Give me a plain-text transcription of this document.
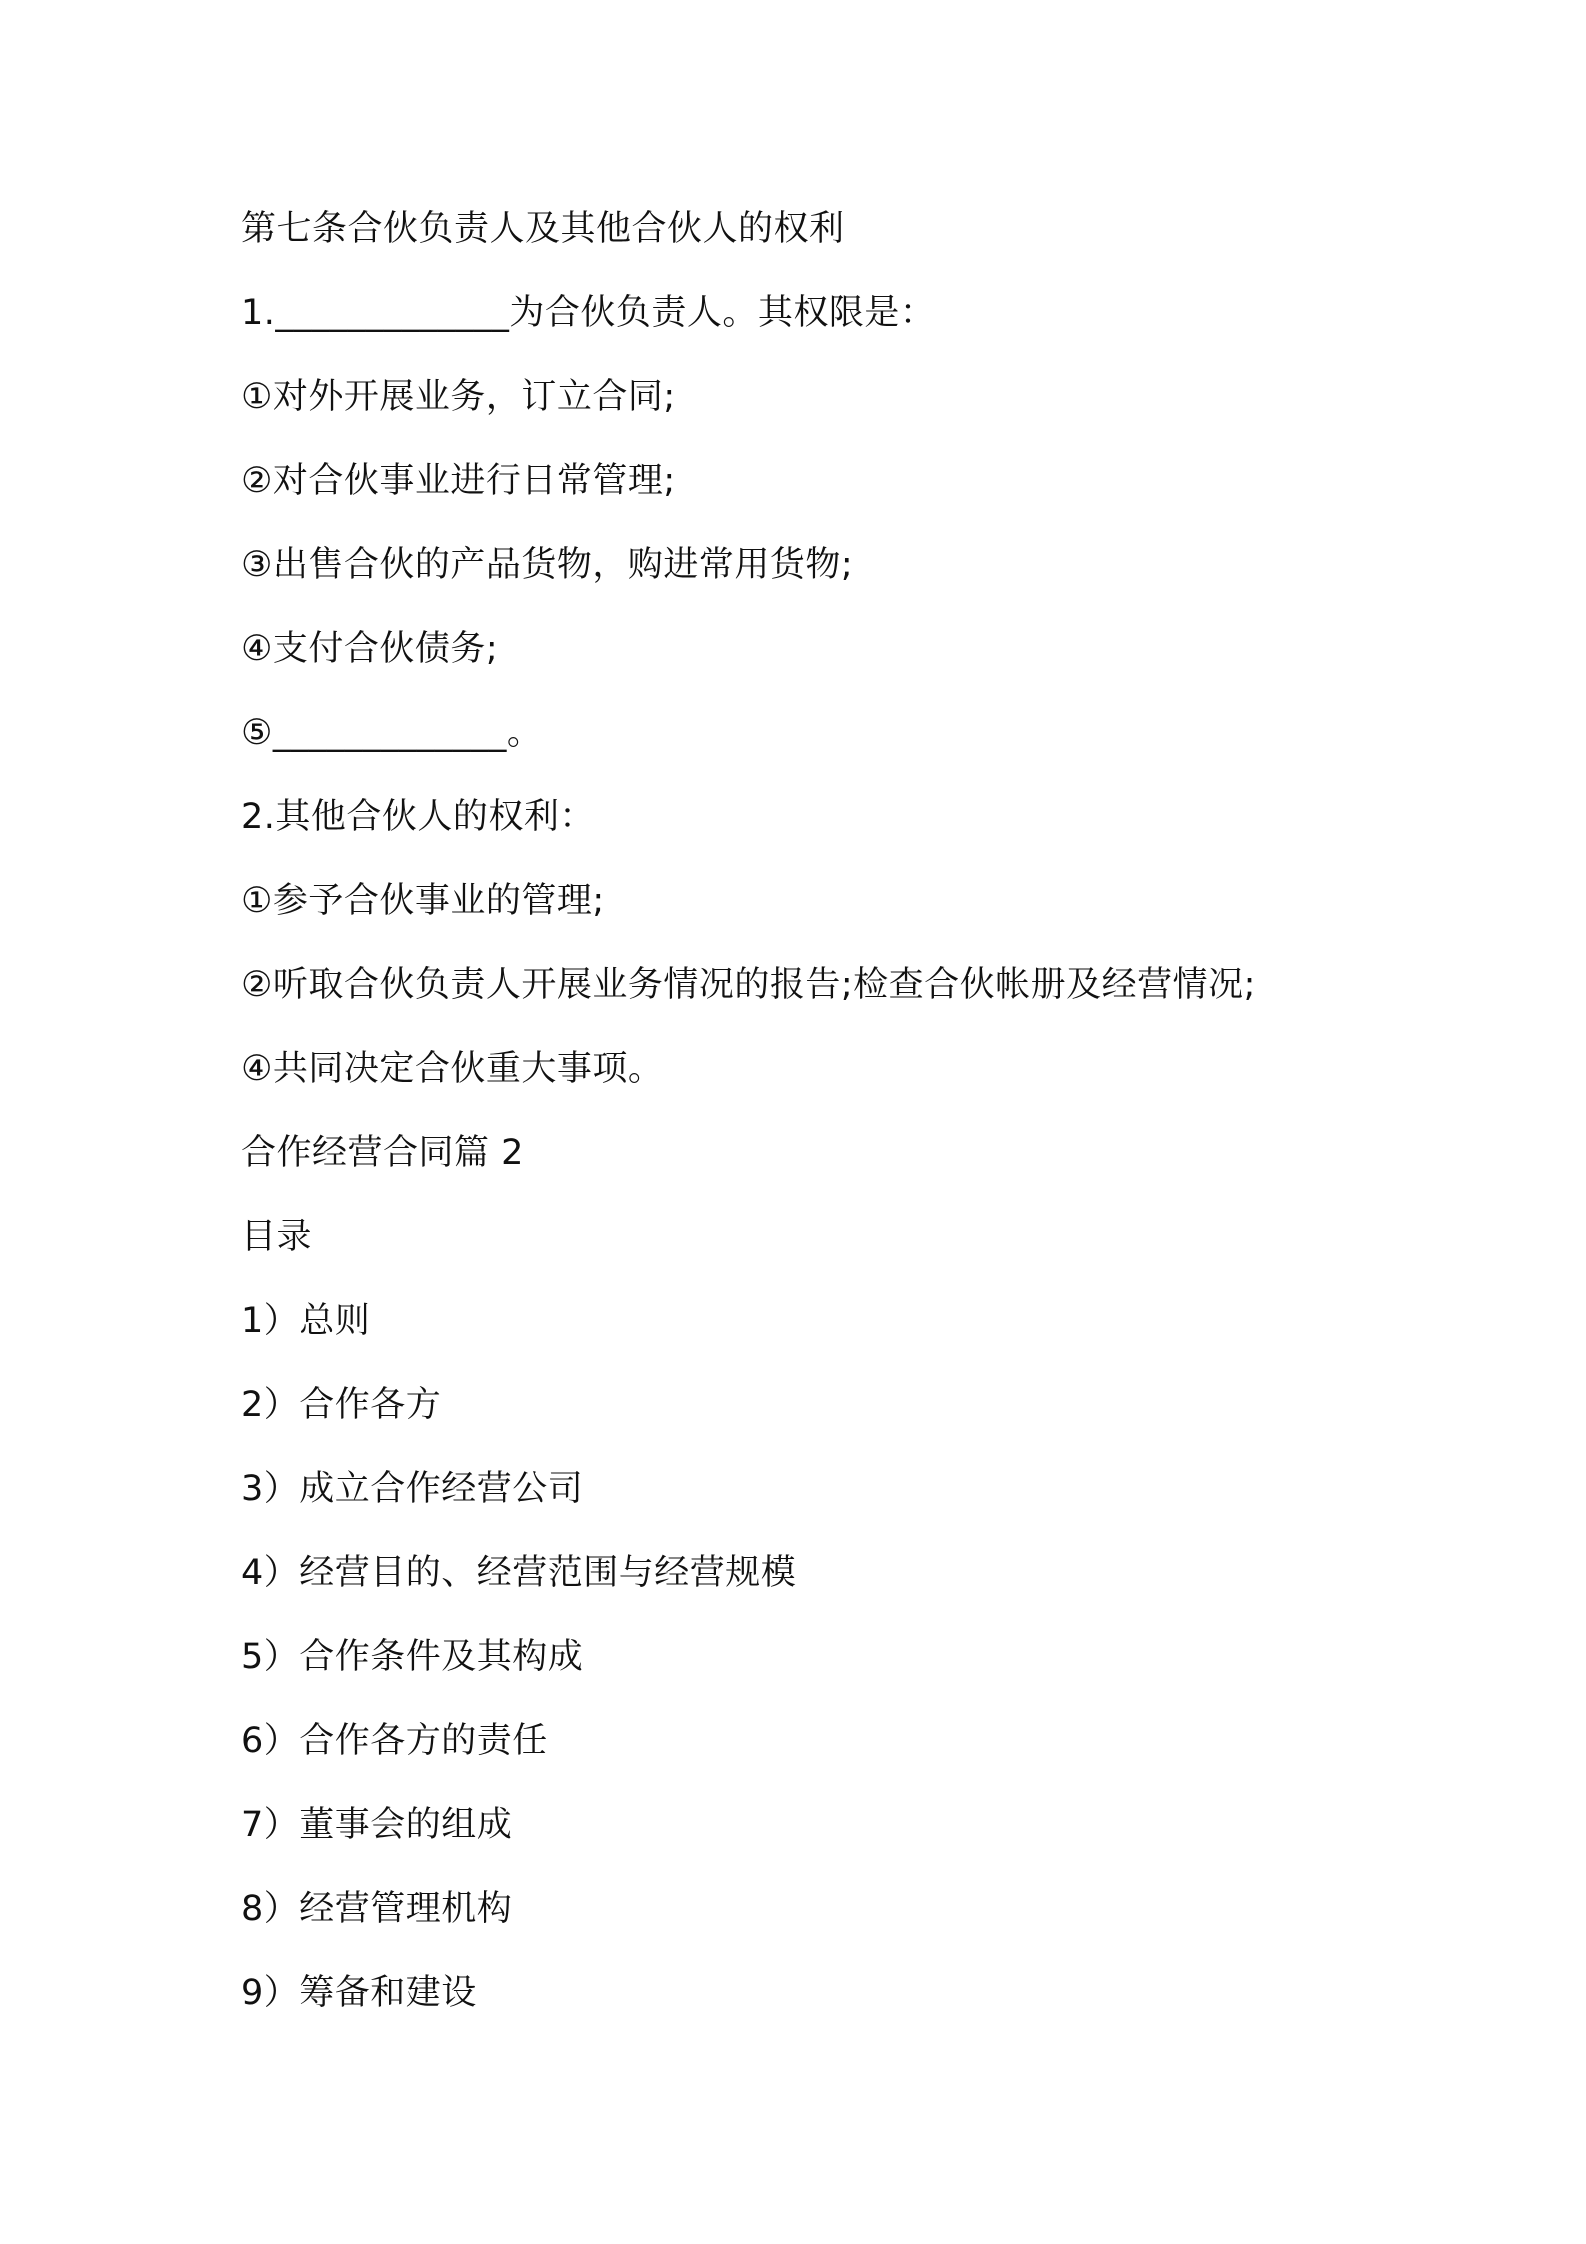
第七条合伙负责人及其他合伙人的权利

1._____________为合伙负责人。其权限是：

①对外开展业务，订立合同;

②对合伙事业进行日常管理;

③出售合伙的产品货物，购进常用货物;

④支付合伙债务;

⑤_____________。

2.其他合伙人的权利：

①参予合伙事业的管理;

②听取合伙负责人开展业务情况的报告;检查合伙帐册及经营情况;

④共同决定合伙重大事项。

合作经营合同篇 2

目录

1）总则

2）合作各方

3）成立合作经营公司

4）经营目的、经营范围与经营规模

5）合作条件及其构成

6）合作各方的责任

7）董事会的组成

8）经营管理机构

9）筹备和建设
